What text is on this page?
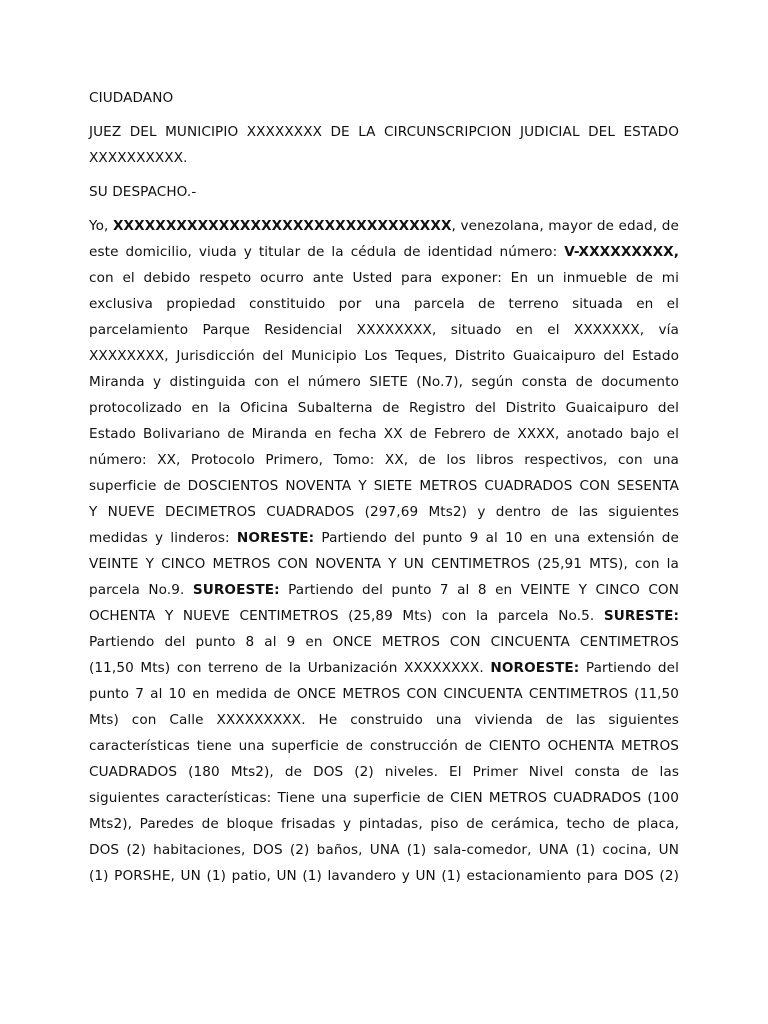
CIUDADANO
JUEZ DEL MUNICIPIO XXXXXXXX DE LA CIRCUNSCRIPCION JUDICIAL DEL ESTADO
XXXXXXXXXX.
SU DESPACHO.-
Yo, XXXXXXXXXXXXXXXXXXXXXXXXXXXXXXXX, venezolana, mayor de edad, de
este domicilio, viuda y titular de la cédula de identidad número: V-XXXXXXXXX,
con el debido respeto ocurro ante Usted para exponer: En un inmueble de mi
exclusiva propiedad constituido por una parcela de terreno situada en el
parcelamiento Parque Residencial XXXXXXXX, situado en el XXXXXXX, vía
XXXXXXXX, Jurisdicción del Municipio Los Teques, Distrito Guaicaipuro del Estado
Miranda y distinguida con el número SIETE (No.7), según consta de documento
protocolizado en la Oficina Subalterna de Registro del Distrito Guaicaipuro del
Estado Bolivariano de Miranda en fecha XX de Febrero de XXXX, anotado bajo el
número: XX, Protocolo Primero, Tomo: XX, de los libros respectivos, con una
superficie de DOSCIENTOS NOVENTA Y SIETE METROS CUADRADOS CON SESENTA
Y NUEVE DECIMETROS CUADRADOS (297,69 Mts2) y dentro de las siguientes
medidas y linderos: NORESTE: Partiendo del punto 9 al 10 en una extensión de
VEINTE Y CINCO METROS CON NOVENTA Y UN CENTIMETROS (25,91 MTS), con la
parcela No.9. SUROESTE: Partiendo del punto 7 al 8 en VEINTE Y CINCO CON
OCHENTA Y NUEVE CENTIMETROS (25,89 Mts) con la parcela No.5. SURESTE:
Partiendo del punto 8 al 9 en ONCE METROS CON CINCUENTA CENTIMETROS
(11,50 Mts) con terreno de la Urbanización XXXXXXXX. NOROESTE: Partiendo del
punto 7 al 10 en medida de ONCE METROS CON CINCUENTA CENTIMETROS (11,50
Mts) con Calle XXXXXXXXX. He construido una vivienda de las siguientes
características tiene una superficie de construcción de CIENTO OCHENTA METROS
CUADRADOS (180 Mts2), de DOS (2) niveles. El Primer Nivel consta de las
siguientes características: Tiene una superficie de CIEN METROS CUADRADOS (100
Mts2), Paredes de bloque frisadas y pintadas, piso de cerámica, techo de placa,
DOS (2) habitaciones, DOS (2) baños, UNA (1) sala-comedor, UNA (1) cocina, UN
(1) PORSHE, UN (1) patio, UN (1) lavandero y UN (1) estacionamiento para DOS (2)
